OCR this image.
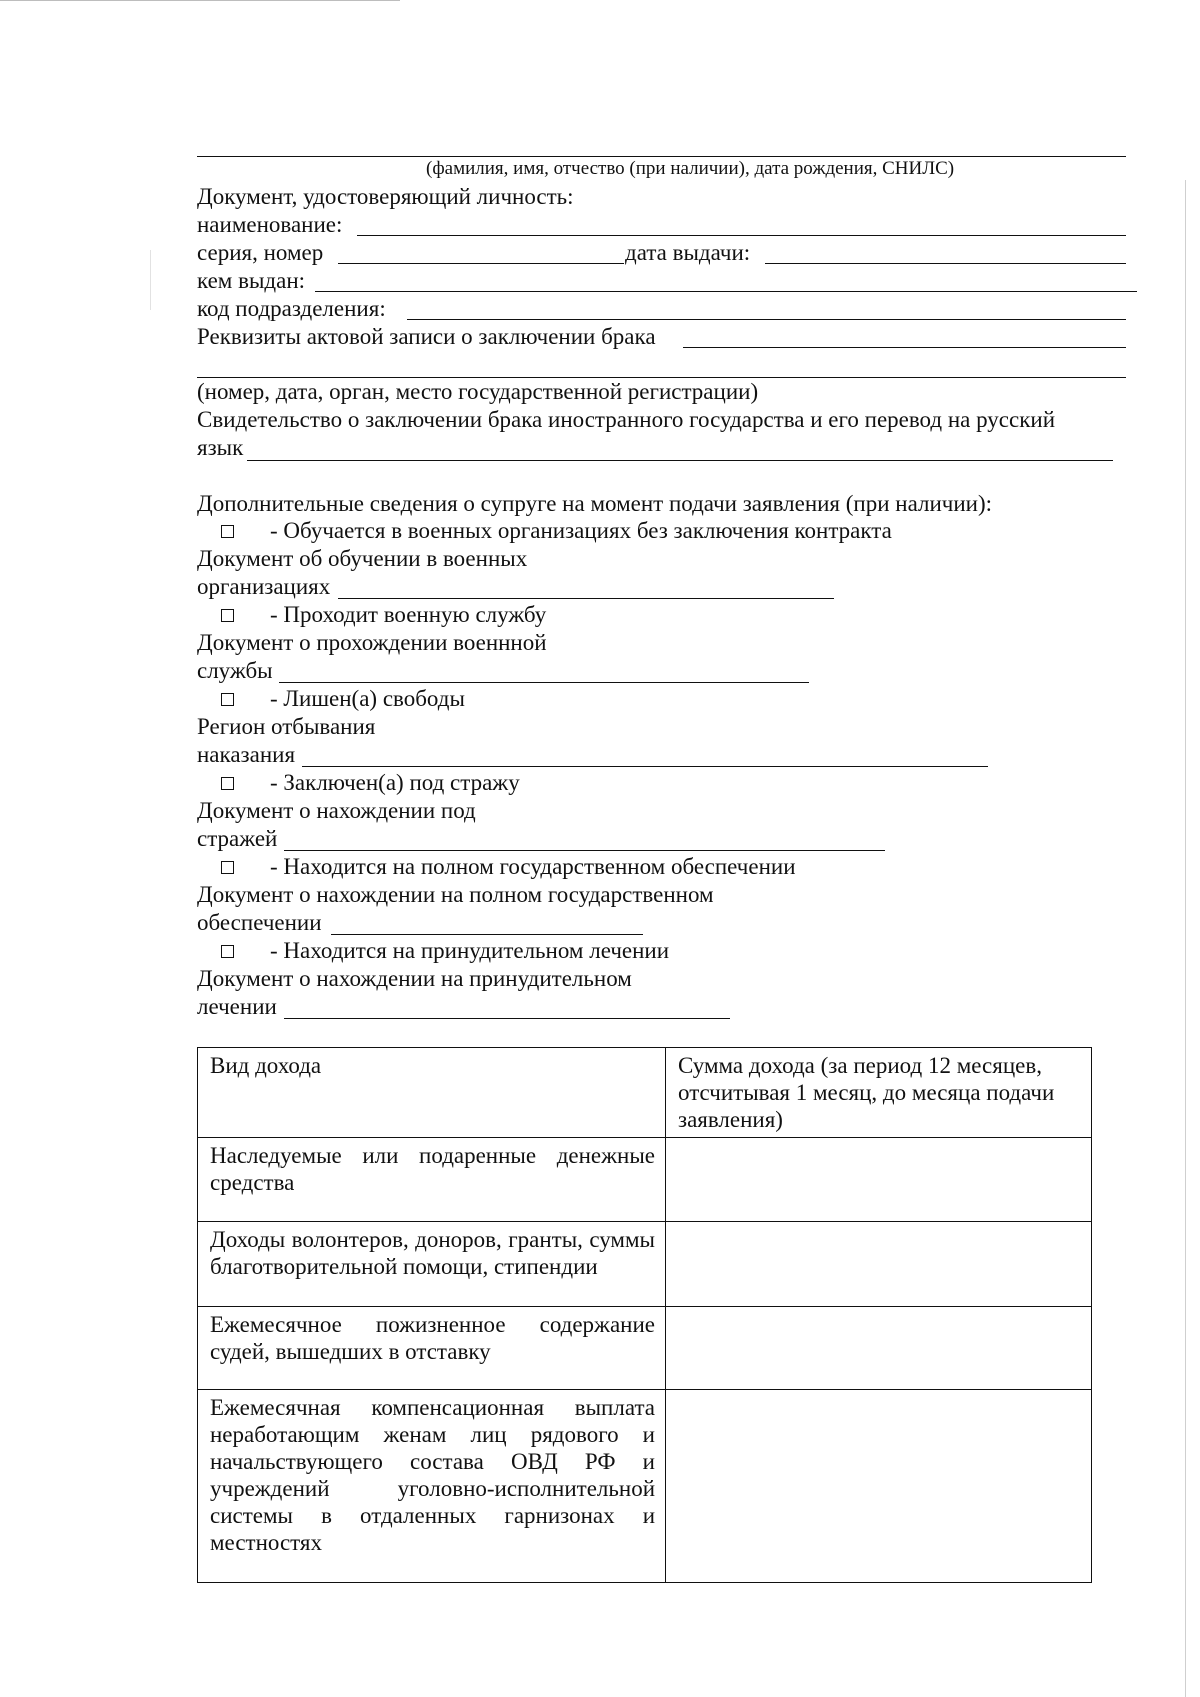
(фамилия, имя, отчество (при наличии), дата рождения, СНИЛС)
Документ, удостоверяющий личность:
наименование:
серия, номер	дата выдачи:
кем выдан:
код подразделения:
Реквизиты актовой записи о заключении брака
(номер, дата, орган, место государственной регистрации)
Свидетельство о заключении брака иностранного государства и его перевод на русский
язык
Дополнительные сведения о супруге на момент подачи заявления (при наличии):
- Обучается в военных организациях без заключения контракта
Документ об обучении в военных
организациях
- Проходит военную службу
Документ о прохождении военнной
службы
- Лишен(а) свободы
Регион отбывания
наказания
- Заключен(а) под стражу
Документ о нахождении под
стражей
- Находится на полном государственном обеспечении
Документ о нахождении на полном государственном
обеспечении
- Находится на принудительном лечении
Документ о нахождении на принудительном
лечении
Вид дохода	Сумма дохода (за период 12 месяцев, отсчитывая 1 месяц, до месяца подачи заявления)
Наследуемые или подаренные денежные средства	
Доходы волонтеров, доноров, гранты, суммы благотворительной помощи, стипендии	
Ежемесячное пожизненное содержание судей, вышедших в отставку	
Ежемесячная компенсационная выплата неработающим женам лиц рядового и начальствующего состава ОВД РФ и учреждений уголовно-исполнительной системы в отдаленных гарнизонах и местностях	
